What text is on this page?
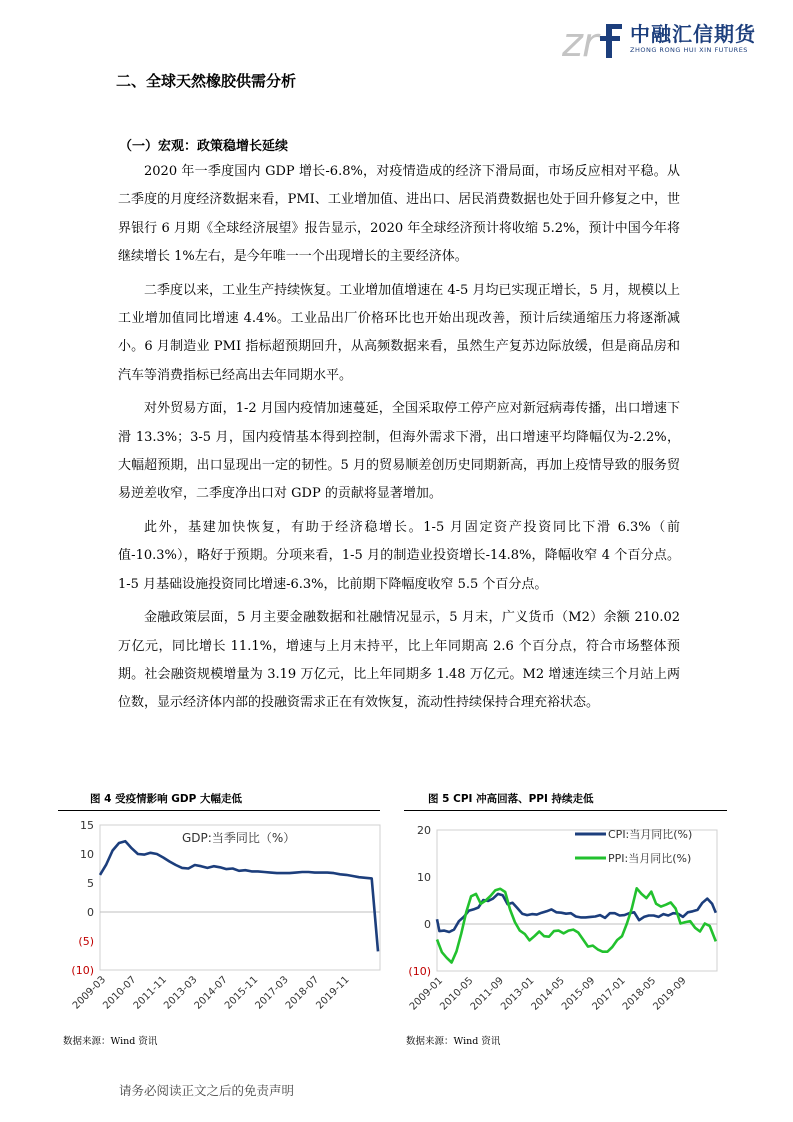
z r 中融汇信期货
ZHONG RONG HUI XIN FUTURES
二、全球天然橡胶供需分析
（一）宏观：政策稳增长延续

2020 年一季度国内 GDP 增长-6.8%，对疫情造成的经济下滑局面，市场反应相对平稳。从二季度的月度经济数据来看，PMI、工业增加值、进出口、居民消费数据也处于回升修复之中，世界银行 6 月期《全球经济展望》报告显示，2020 年全球经济预计将收缩 5.2%，预计中国今年将继续增长 1%左右，是今年唯一一个出现增长的主要经济体。

二季度以来，工业生产持续恢复。工业增加值增速在 4-5 月均已实现正增长，5 月，规模以上工业增加值同比增速 4.4%。工业品出厂价格环比也开始出现改善，预计后续通缩压力将逐渐减小。6 月制造业 PMI 指标超预期回升，从高频数据来看，虽然生产复苏边际放缓，但是商品房和汽车等消费指标已经高出去年同期水平。

对外贸易方面，1-2 月国内疫情加速蔓延，全国采取停工停产应对新冠病毒传播，出口增速下滑 13.3%；3-5 月，国内疫情基本得到控制，但海外需求下滑，出口增速平均降幅仅为-2.2%，大幅超预期，出口显现出一定的韧性。5 月的贸易顺差创历史同期新高，再加上疫情导致的服务贸易逆差收窄，二季度净出口对 GDP 的贡献将显著增加。

此外，基建加快恢复，有助于经济稳增长。1-5 月固定资产投资同比下滑 6.3%（前值-10.3%），略好于预期。分项来看，1-5 月的制造业投资增长-14.8%，降幅收窄 4 个百分点。1-5 月基础设施投资同比增速-6.3%，比前期下降幅度收窄 5.5 个百分点。

金融政策层面，5 月主要金融数据和社融情况显示，5 月末，广义货币（M2）余额 210.02 万亿元，同比增长 11.1%，增速与上月末持平，比上年同期高 2.6 个百分点，符合市场整体预期。社会融资规模增量为 3.19 万亿元，比上年同期多 1.48 万亿元。M2 增速连续三个月站上两位数，显示经济体内部的投融资需求正在有效恢复，流动性持续保持合理充裕状态。

图 4 受疫情影响 GDP 大幅走低
15
10
5
0
(5)
(10)
2009-03
2010-07
2011-11
2013-03
2014-07
2015-11
2017-03
2018-07
2019-11
GDP:当季同比（%）
数据来源：Wind 资讯
图 5 CPI 冲高回落、PPI 持续走低
20
10
0
(10)
2009-01
2010-05
2011-09
2013-01
2014-05
2015-09
2017-01
2018-05
2019-09
CPI:当月同比(%)
PPI:当月同比(%)
数据来源：Wind 资讯
请务必阅读正文之后的免责声明
